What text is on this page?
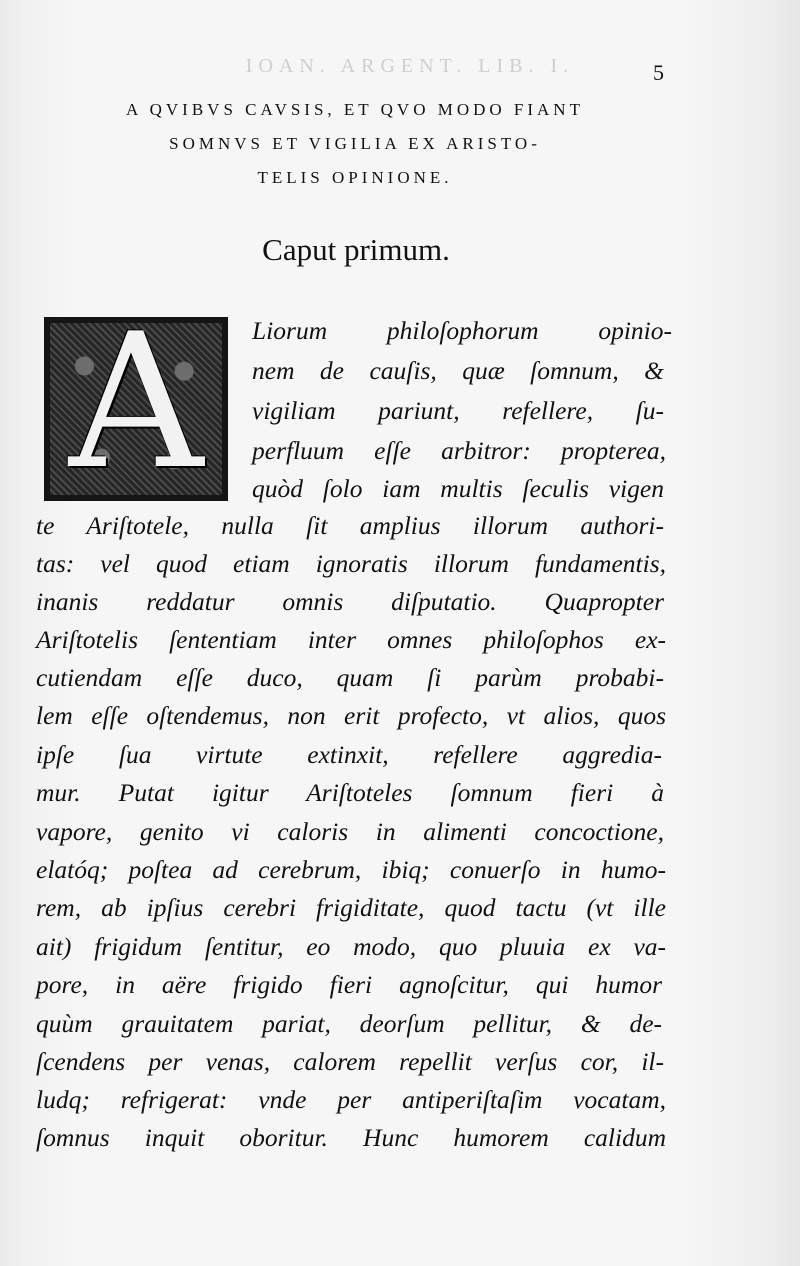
IOAN. ARGENT. LIB. I.	5
A QVIBVS CAVSIS, ET QVO MODO FIANT
SOMNVS ET VIGILIA EX ARISTO-
TELIS OPINIONE.
Caput primum.
A	Liorum philoſophorum opinio-
nem de cauſis, quæ ſomnum, &
vigiliam pariunt, refellere, ſu-
perfluum eſſe arbitror: propterea,
quòd ſolo iam multis ſeculis vigen
te Ariſtotele, nulla ſit amplius illorum authori-
tas: vel quod etiam ignoratis illorum fundamentis,
inanis reddatur omnis diſputatio. Quapropter
Ariſtotelis ſententiam inter omnes philoſophos ex-
cutiendam eſſe duco, quam ſi parùm probabi-
lem eſſe oſtendemus, non erit profecto, vt alios, quos
ipſe ſua virtute extinxit, refellere aggredia-
mur. Putat igitur Ariſtoteles ſomnum fieri à
vapore, genito vi caloris in alimenti concoctione,
elatóq; poſtea ad cerebrum, ibiq; conuerſo in humo-
rem, ab ipſius cerebri frigiditate, quod tactu (vt ille
ait) frigidum ſentitur, eo modo, quo pluuia ex va-
pore, in aëre frigido fieri agnoſcitur, qui humor
quùm grauitatem pariat, deorſum pellitur, & de-
ſcendens per venas, calorem repellit verſus cor, il-
ludq; refrigerat: vnde per antiperiſtaſim vocatam,
ſomnus inquit oboritur. Hunc humorem calidum
